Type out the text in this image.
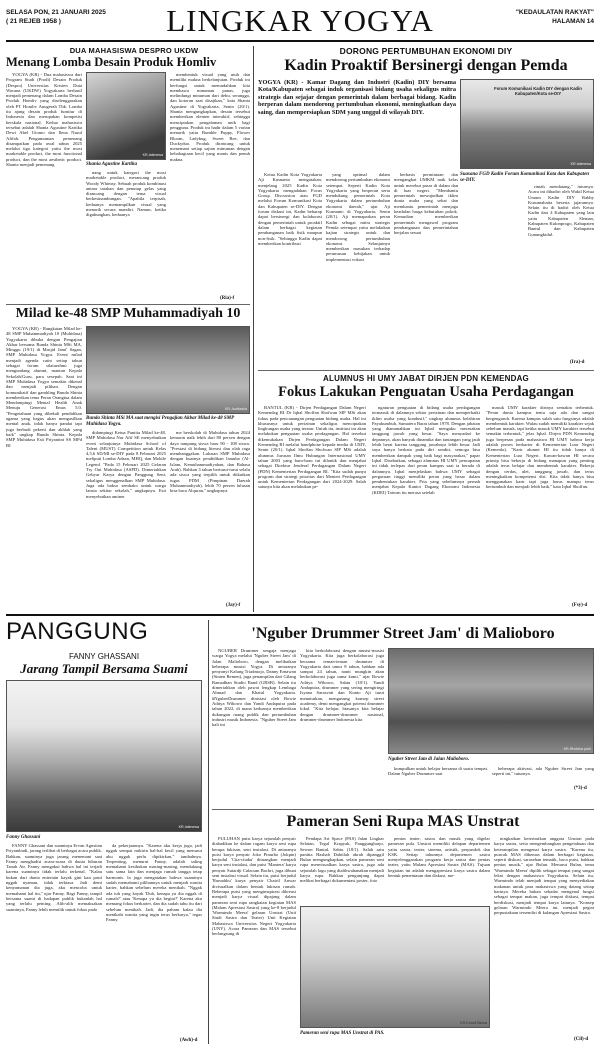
SELASA PON, 21 JANUARI 2025
( 21 REJEB 1958 )	LINGKAR YOGYA	"KEDAULATAN RAKYAT"
HALAMAN 14
DUA MAHASISWA DESPRO UKDW
Menang Lomba Desain Produk Homliv

YOGYA (KR) - Dua mahasiswa dari Program Studi (Prodi) Desain Produk (Despro) Universitas Kristen Duta Wacana (UKDW) Yogyakarta berhasil menjadi pemenang dalam Lomba Desain Produk Homliv yang diselenggarakan oleh PT Homliv Anugerah Tbk. Lomba itu ajang desain produk furnitur di Indonesia dan merupakan kompetisi berskala nasional. Kedua mahasiswa tersebut adalah Shania Agustine Kartika Dewi Abel Utomo dan Ilena Nurul Afifah. Pengumuman pemenang disampaikan pada awal tahun 2025 melalui tiga kategori yaitu the most marketable product, the most functional product, dan the most aesthetic product. Shania menjadi pemenang

KR-Istimewa
Shania Agustine Kartika

nang untuk kategori the most marketable product, merancang produk Woody Whimsy. Sebuah produk kombinasi antara tatakan dan penutup gelas yang dirancang dengan tema visual berkesinambungan. "Apabila terpisah, keduanya memampilkan visual yang menarik secara mandiri. Namun, ketika digabungkan, keduanya

membentuk visual yang utuh dan memiliki makna berkelanjutan. Produk ini berfungsi untuk memudahkan kita membawa minuman panas, juga melindungi minuman dari debu, serangga, dan kotoran saat disajikan," kata Shania Agustine di Yogyakarta, Senin (20/1). Shania mengungkapkan, desain tersebut memberikan elemen interaktif, sehingga menciptakan pengalaman unik bagi pengguna. Produk ini hadir dalam 5 varian menarik yaitu Bumble Puppy, Flower Bloom, Ladybug, Sweet Bee, dan Duckyduo. Produk dirancang untuk menemani setiap sajian minuman dengan kebahagiaan kecil yang manis dan penuh makna.

(Ria)-f
Milad ke-48 SMP Muhammadiyah 10

YOGYA (KR) - Rangkaian Milad ke-48 SMP Muhammadiyah 10 (Muhidasa) Yogyakarta dibuka dengan Pengajian Akbar bersama Bunda Shinta MSi MA, Minggu (19/1) di Masjid Jami' Sagan, SMP Muhidasa Yogya. Event milad menjadi agenda rutin setiap tahun sebagai forum silaturahmi juga mengundang alumni, mantan Kepala Sekolah/Guru, para sesepuh. Saat ini SMP Muhidasa Yogya semakin dikenal dan menjadi pilihan. Dengan komunikatif dan gambling Bunda Shinta memberikan tema Peran Orangtua dalam Mendampingi Mental Health Anak Menuju Generasi Emas 5.0. "Pengetahuan yang dibekali pendidikan agama yang bagus akan mengasilkan mental anak, tidak hanya pandai tapi juga berbudi pekerti dan akhlak yang baik" ungkap Bunda Shinta. Kepala SMP Muhidasa Esti Priyantini SS MPd BI

KR-Juwitaska
Bunda Shinta MSi MA saat mengisi Pengajian Akbar Milad ke-48 SMP Muhidasa Yogya.

didampingi Ketua Panitia Milad ke-48, SMP Muhidasa Nur Afif SE menyebutkan event selanjutnya Muhidasa School of Talent (MUST) Competition untuk Kelas 4,5,6 SD/MI se-DIY pada 8 Februari 2025 meliputi Lomba Adzan, MHQ, dan Mobile Legend. "Pada 15 Februari 2025 Gelaran Try Out Muhidasa (ASPD). Dimeriahkan Gebyar Karya dengan Panggung Seni, sekaligus menggenalkan SMP Muhidasa. Juga ada bakso sembako untuk warga lansia sekitar sekolah," ungkapnya. Esti menyebutkan aminer

me berskolah di Muhidasa tahun 2024 kemarin naik lebih dari 80 persen dengan daya tampung siswa baru 90 - 108 siswa. "Prestasi di bidang literasi dan olah raga membanggakan. Lulusan SMP Muhidasa dengan kuatnya pendidikan Ismuba (Al-Islam, Kemuhammadiyahan, dan Bahasa Arab). Bahkan 3 tahun berturut-turut selalu ada siswa yang terpilih untuk diikutkan tugas PDM (Pimpinan Daerah Muhammadiyah), lebih 70 persen lulusan bisa baca Alquran," ungkapnya.

(Jay)-f
DORONG PERTUMBUHAN EKONOMI DIY
Kadin Proaktif Bersinergi dengan Pemda

YOGYA (KR) - Kamar Dagang dan Industri (Kadin) DIY bersama Kota/Kabupaten sebagai induk organisasi bidang usaha sekaligus mitra strategis dan sejajar dengan pemerintah dalam berbagai bidang. Kadin berperan dalam mendorong pertumbuhan ekonomi, meningkatkan daya saing, dan mempersiapkan SDM yang unggul di wilayah DIY.

Forum Komunikasi Kadin DIY dengan Kadin Kabupaten/Kota se-DIY
KR-Istimewa
Suasana FGD Kadin Forum Komunikasi Kota dan Kabupaten se-DIY.

Ketua Kadin Kota Yogyakarta Aji Kusnanto mengatakan, menjelang 2025 Kadin Kota Yogyakarta mengadakan Focus Group Discussion atau FGD melalui Forum Komunikasi Kota dan Kabupaten se-DIY. Dengan forum diskusi ini, Kadin beharap dapat bersinergi dan kolaborasi dengan pemerintah untuk proaktif dalam berbagai kegiatan pembangunan baik fisik maupun non-fisik. "Sehingga Kadin dapat memberikan kontribusi

yang optimal dalam mendorong pertumbuhan ekonomi setempat. Seperti Kadin Kota Yogyakarta yang berperan serta mendukung pemerintah Kota Yogyakarta dalam pertumbuhan ekonomi daerah," ujar Aji Kusnanto di Yogyakarta, Senin (20/1). Aji memaparkan peran Kadin sebagai mitra strategis Pemda setempat yaitu melakukan kajian strategis untuk dan mendorong pertumbuhan ekonomi. Selanjutnya memberikan masukan terhadap perumusan kebijakan untuk implementasi vokasi

berbasis permintaan dan mengangkat UMKM naik kelas untuk merebut pasar di dalam dan di luar negeri. "Membantu pemerintah mewujudkan iklim dunia usaha yang sehat dan membantu pemerintah menjaga keadulan harga kebutuhan pokok. Kemudian memberikan pemerintah mengawal program pembangunan dan pemerintahan berjalan sesuai

rintah mendatang," tuturnya. Acara ini dihadiri oleh Wakil Ketua Umum Kadin DIY Rabby Kusumahatta beserta jajarannya. Selain itu di hadiri oleh Ketua Kadin dari 4 Kabupaten yang lain yaitu Kabupaten Sleman, Kabupaten Kulonprogo, Kabupaten Bantul dan Kabupaten Gunungkidul.

(Ira)-d
ALUMNUS HI UMY JABAT DIRJEN PDN KEMENDAG
Fokus Lakukan Penguatan Usaha Perdagangan

BANTUL (KR) - Dirjen Perdagangan Dalam Negeri Kemendag RI Dr Iqbal Shoffan Shofwan SIP MSi akan fokus pada pencanangan penguatan bidang usaha. Hal ini khususnya untuk perizinan sekaligus menciptakan lingkungan usaha yang teratur. Untuk itu, institusi ini akan melakukan penguatan usaha perdagangan. Hal tersebut dikemukakan Dirjen Perdagangan Dalam Negeri Kemendag RI melalui handphone kepada media di UMY, Senin (20/1). Iqbal Shoffan Shofwan SIP MSi adalah alumnus Jurusan Ilmu Hubungan Internasional UMY tahun 2003 yang baru-baru ini dilantik dan menjabat sebagai Direktur Jenderal Perdagangan Dalam Negeri (PDN) Kementerian Perdagangan RI. "Kita sudah punya program dan strategi prioritas dari Menteri Perdagangan untuk Kementerian Perdagangan dari 2024-2029. Salah satunya kita akan melakukan pe-

ngaturan penguatan di bidang usaha perdagangan termasuk di dalamnya sektor perizinan dan memperbaiki iklim usaha yang kondusif," ungkap alumnus kelahiran Payakumbuh, Sumatera Barat tahun 1978. Dengan jabatan yang diamanahkan ini Iqbal mengaku merasakan tanggung jawab yang besar. "Saya menyadari ke depannya, akan banyak dinamika dan tantangan yang jauh lebih berat karena tanggung jawabnya lebih besar. Jadi saya hanya berkata pada diri sendiri, semoga bisa memberikan dampak yang baik bagi masyarakat," papar Iqbal. Disebutkan, sebagai alumnus HI UMY pencapaian ini tidak terlepas dari peran kampus saat ia berada di dalamnya. Iqbal menjelaskan bahwa UMY sebagai perguruan tinggi memiliki peran yang besar dalam pembentukan karakter. Pria yang sebelumnya pernah menjabat Kepala Kantor Dagang Ekonomi Indonesia (KDEI) Taiwan itu merasa setelah

masuk UMY karakter dirinya semakin terbentuk. "Peran dunia kampus tentu saja ada dan sangat bergengaruh. Karena kampus salah satu fungsinya adalah membentuk karakter. Walau sudah memiliki karakter sejak sebelum masuk, tapi ketika masuk UMY karakter tersebut semakin terbentuk," jelas Iqbal. Dirjen PDN Kemendag juga berpesan pada mahasiswa HI UMY bahwa kerja adalah proses berkarier di Kementerian Luar Negeri (Kemenlu). "Karir alumni HI itu tidak hanya di Kementerian Luar Negeri. Kawan-kawan HI secara prinsip bisa bekerja di bidang manapun yang penting adalah terus belajar dan membentuk karakter. Bekerja dengan cerdas, ulet, tanggung jawab, dan terus meningkatkan kompetensi diri. Kita tidak hanya bisa menggunakan karir tapi juga harus mampu terus bertumbuh dan menjadi lebih baik," kata Iqbal Shoffan.

(Fsy)-d
PANGGUNG
FANNY GHASSANI
Jarang Tampil Bersama Suami
KR-Istimewa
Fanny Ghassani

FANNY Ghassani dan suaminya Ervan Agustian Priyambudi, jarang terlihat di berbagai acara publik. Bahkan, suaminya juga jarang menemani saat Fanny menghadiri acara-acara di dunia hiburan Tanah Air. Fanny mengakui bahwa hal ini terjadi karena suaminya tidak terlalu terkenal. "Kalau bukan dari dunia entertain kayak gini kan pasti nggak nyaman, tidak terbiasa. Jadi demi kenyamanan dia juga, aku mencoba untuk memahami hal itu," ujar Fanny. Bagi Fanny, tampil bersama suami di hadapan publik bukanlah hal yang terlalu penting. Alih-alih memaksakan suaminya, Fanny lebih memilih untuk fokus pada

da pekerjaannya. "Karena aku kerja juga, jadi nggak sempat mikirin hal-hal kecil yang menurut aku nggak perlu dipikirkan," tambahnya. Terpenting, menurut Fanny, adalah saling memahami kesibukan masing-masing, mendukung satu sama lain dan menjaga rumah tangga tetap harmonis. Ia juga mengatakan bahwa suaminya sudah memahami pilihannya untuk menjadi wanita karier, bahkan sebelum mereka menikah. "Nggak ada tuh yang kayak 'Duh, kenapa yu dia nggak di rumah?' atau 'Kenapa yu dia begini?' Karena aku memang fokus berkarier, dan dia sudah tahu itu dari sebelum menikah. Jadi, dia paham kalau dia menikahi wanita yang ingin terus berkarya," tegas Fanny.

(Awh)-d
'Nguber Drummer Street Jam' di Malioboro

NGUBER Drummer sengaja menjaga warga Yogya melalui 'Nguber Street Jam' di Jalan Malioboro, dengan melibatkan beberapa musisi Yogya. Di antaranya penyanyi Kalung Triadmojo, Danny Ernawan (Sinten Remen), juga penampilan dari Gilang Ramadhan Studio Band (GRSB). Selain itu dimeriahkan oleh pawai lengkap Lembaga Ahmad dan Khatul Yogyakarta. #NguberDrummer dinisiasi oleh Bowie Aditya Wibowo dan Yandi Andaputra pada tahun 2022, di mana keduanya memberikan dukungan ruang publik dan pertumbuhan industri musik Indonesia. "Nguber Street Jam kali ini

kita berkolaborasi dengan musisi-musisi Yogyakarta. Kita juga berkolaborasi juga bersama teman-teman drummer di Yogyakarta dari umur 8 tahun, bahkan ada sampai 24 tahun, nanti mungkin akan berkolaborasi juga sama kami," ujar Bowie Aditya Wibowo, Sabtu (18/1). Yandi Andaputra, drummer yang sering mengiringi Isyana Sarasvati dan Kunto Aji turut menuturkan, mengusung konsep street academy, demi mengangkat potensi drummer lokal. "Kita belajar, biasanya kita belajar dengan drummer-drummer nasional, drummer-drummer Indonesia kita

KR-Rhobika putri
Nguber Street Jam di Jalan Malioboro.

kumpulkan untuk belajar bersama di suatu tempat. Dalam Nguber Drummer saat

beberapa aktivasi, ada Nguber Street Jam yang seperti ini," tuturnya.

(*3)-d
Pameran Seni Rupa MAS Unstrat

PULUHAN puisi karya sejumlah penyair diabadikan ke dalam ragam karya seni rupa berupa lukisan, seni instalasi. Di antaranya puisi karya penyair Joko Pinurbo (Jokpin) berjudul 'Cita-citaku' dituangkan menjadi karya seni instalasi, dan puisi 'Mantera' karya penyair Sutardji Calzoum Bachri, juga dibuat seni instalasi visual. Selain itu, puisi berjudul 'Rumahku' karya penyair Chairil Anwar divisualkan dalam bentuk lukisan rumah. Beberapa puisi yang mengimspirasi dikreasi menjadi karya visual dipajang dalam pameran seni rupa rangkaian kegiatan MAS (Malam Apresiasi Sastra) yang ke-8 berjudul 'Warmindo Meera' gelaran Unstrat (Unit Studi Sastra dan Teater) Unit Kegiatan Mahasiswa Universitas Negeri Yogyakarta (UNY). Acara Pameran dan MAS tersebut berlangsung di

Pendapa Art Space (PAS) Jalan Lingkar Selatan, Tegal Krapyak, Panggungharjo, Sewon Bantul, Sabtu (18/1). Salah satu panitia Hashah Dahtilah akrab dipanggil Bulan mengungkapkan, selain pameran seni rupa menvisualkan karya sastra, juga ada sejumlah lagu yang dialihwahanakan menjadi karya rupa. Bahkan pengunjung dapat melihat berbagai dokumentasi poster, foto

KR-Khocil Blowa
Pameran seni rupa MAS Unstrat di PAS.

pentas teater, sastra dan musik yang digelar pameran pula. Unstrat memiliki delapan departemen yaitu sastra, teater, sinema, artistik, perpusdok dan KSK. Setiap tahunnya departemen sastra menyelenggarakan program kerja sastra dan pentas teater, yaitu Malam Apresiasi Sastra (MAS). Tujuan kegiatan ini adalah mengapresiasi karya sastra dalam bentuk pementasan dan diskusi, me-

ningkatkan ketertarikan anggota Unstrat pada karya sastra, serta mengembangkan pengetahuan dan keterampilan mengenai karya sastra. "Karena itu, puncak MAS dikemas dalam berbagai kegiatan, seperti diskusi, sarasehan tematik, baca puisi, bahkan pentas musik," ujar Bulan. Menurut Bulan, tema 'Warmindo Meera' dipilih sebagai tempat yang sangat lekat dengan mahasiswa Yogyakarta. Selain itu, Warmindo telah menjadi tempat yang menyediakan makanan untuk para mahasiswa yang datang setiap harinya. Mereka bukan sekadar mengenal fungsi sebagai tempat makan, juga tempat diskusi, tempat berdiskusi, menjadi tempat karya lainnya. "Konsep gelaran Warmindo Meera ini, menjadi pegiat perpustakaan tersendiri di kalangan Apresiasi Sastra.

(Cil)-d
